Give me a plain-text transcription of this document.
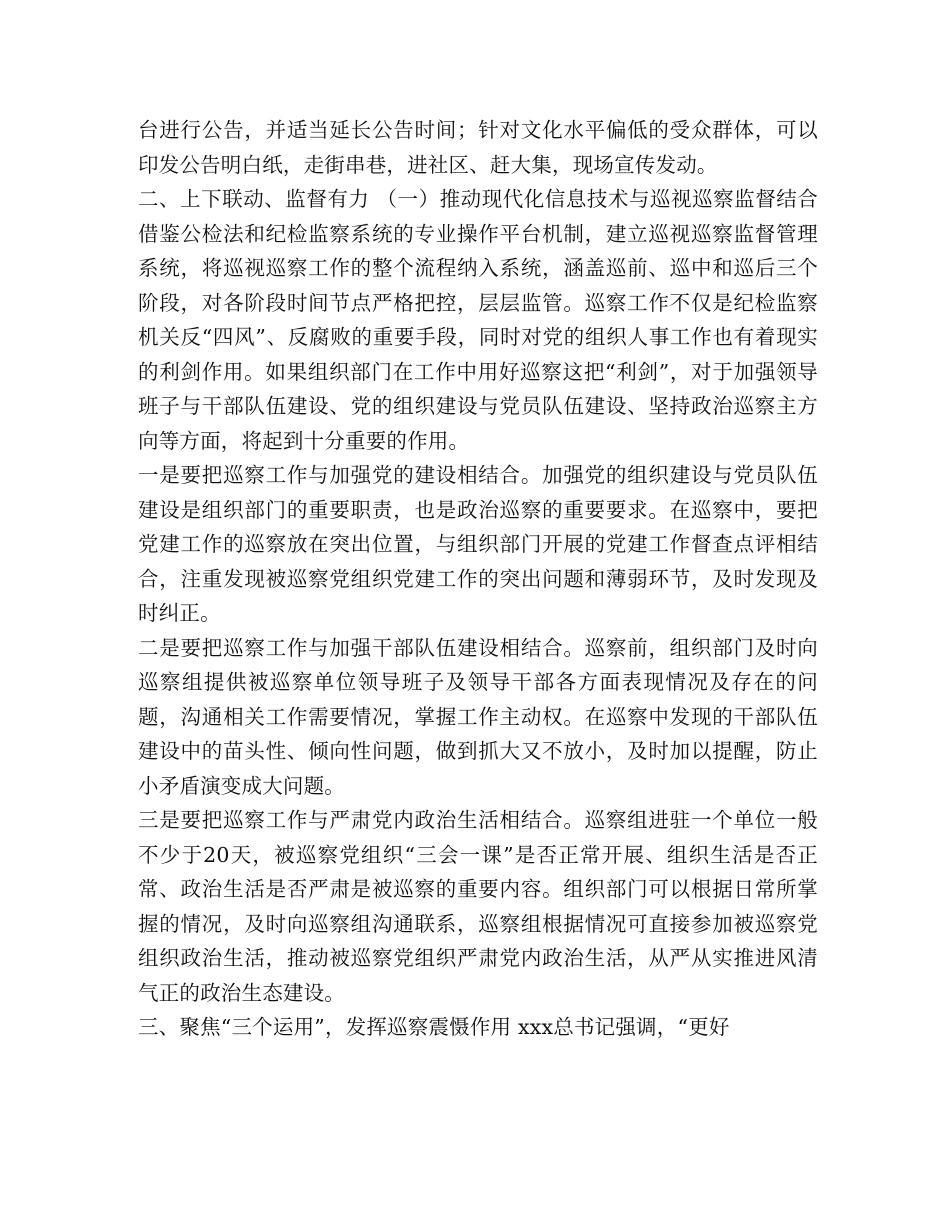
台进行公告，并适当延长公告时间；针对文化水平偏低的受众群体，可以印发公告明白纸，走街串巷，进社区、赶大集，现场宣传发动。

二、上下联动、监督有力 （一）推动现代化信息技术与巡视巡察监督结合 借鉴公检法和纪检监察系统的专业操作平台机制，建立巡视巡察监督管理系统，将巡视巡察工作的整个流程纳入系统，涵盖巡前、巡中和巡后三个阶段，对各阶段时间节点严格把控，层层监管。巡察工作不仅是纪检监察机关反“四风”、反腐败的重要手段，同时对党的组织人事工作也有着现实的利剑作用。如果组织部门在工作中用好巡察这把“利剑”，对于加强领导班子与干部队伍建设、党的组织建设与党员队伍建设、坚持政治巡察主方向等方面，将起到十分重要的作用。

一是要把巡察工作与加强党的建设相结合。加强党的组织建设与党员队伍建设是组织部门的重要职责，也是政治巡察的重要要求。在巡察中，要把党建工作的巡察放在突出位置，与组织部门开展的党建工作督查点评相结合，注重发现被巡察党组织党建工作的突出问题和薄弱环节，及时发现及时纠正。

二是要把巡察工作与加强干部队伍建设相结合。巡察前，组织部门及时向巡察组提供被巡察单位领导班子及领导干部各方面表现情况及存在的问题，沟通相关工作需要情况，掌握工作主动权。在巡察中发现的干部队伍建设中的苗头性、倾向性问题，做到抓大又不放小，及时加以提醒，防止小矛盾演变成大问题。

三是要把巡察工作与严肃党内政治生活相结合。巡察组进驻一个单位一般不少于20天，被巡察党组织“三会一课”是否正常开展、组织生活是否正常、政治生活是否严肃是被巡察的重要内容。组织部门可以根据日常所掌握的情况，及时向巡察组沟通联系，巡察组根据情况可直接参加被巡察党组织政治生活，推动被巡察党组织严肃党内政治生活，从严从实推进风清气正的政治生态建设。

三、聚焦“三个运用”，发挥巡察震慑作用 xxx总书记强调，“更好
